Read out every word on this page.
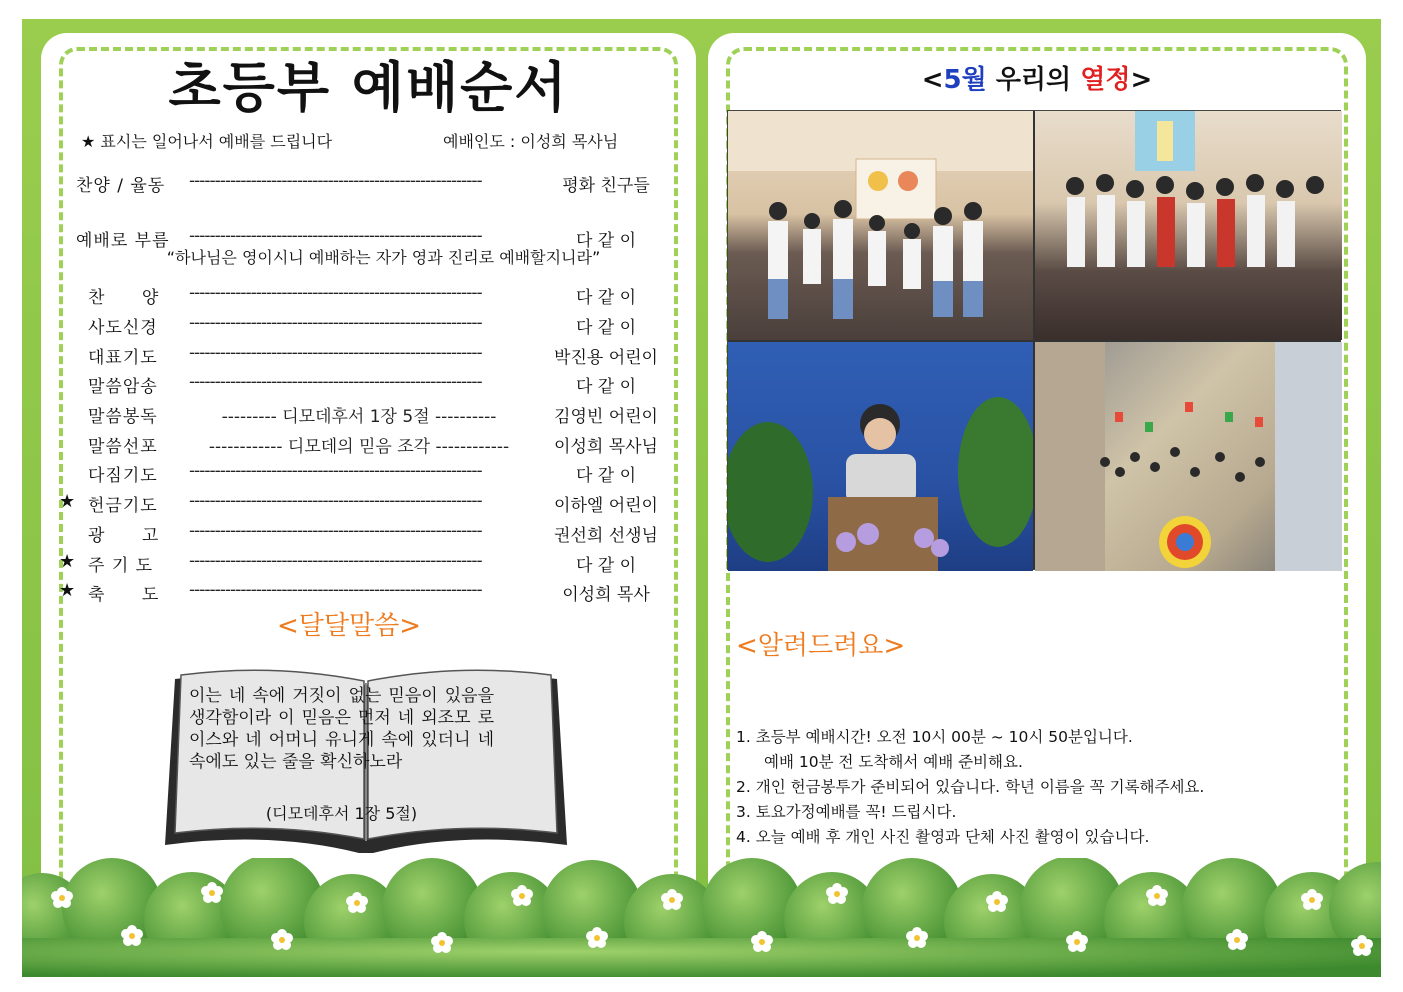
초등부 예배순서
★ 표시는 일어나서 예배를 드립니다	예배인도 : 이성희 목사님
찬양 / 율동	---------------------------------------------------------	평화 친구들
예배로 부름	---------------------------------------------------------	다 같 이
찬 양 ---------------------------------------------------------	다 같 이
사도신경	---------------------------------------------------------	다 같 이
대표기도	---------------------------------------------------------	박진용 어린이
말씀암송	---------------------------------------------------------	다 같 이
말씀봉독	--------- 디모데후서 1장 5절 ----------	김영빈 어린이
말씀선포	------------ 디모데의 믿음 조각 ------------	이성희 목사님
다짐기도	---------------------------------------------------------	다 같 이
★ 헌금기도	---------------------------------------------------------	이하엘 어린이
광 고 ---------------------------------------------------------	권선희 선생님
★ 주 기 도	---------------------------------------------------------	다 같 이
★ 축 도 ---------------------------------------------------------	이성희 목사
“하나님은 영이시니 예배하는 자가 영과 진리로 예배할지니라”
<달달말씀>
이는 네 속에 거짓이 없는 믿음이 있음을 생각함이라 이 믿음은 먼저 네 외조모 로이스와 네 어머니 유니게 속에 있더니 네 속에도 있는 줄을 확신하노라
(디모데후서 1장 5절)
<5월 우리의 열정>
<알려드려요>
1. 초등부 예배시간! 오전 10시 00분 ~ 10시 50분입니다.
예배 10분 전 도착해서 예배 준비해요.
2. 개인 헌금봉투가 준비되어 있습니다. 학년 이름을 꼭 기록해주세요.
3. 토요가정예배를 꼭! 드립시다.
4. 오늘 예배 후 개인 사진 촬영과 단체 사진 촬영이 있습니다.
